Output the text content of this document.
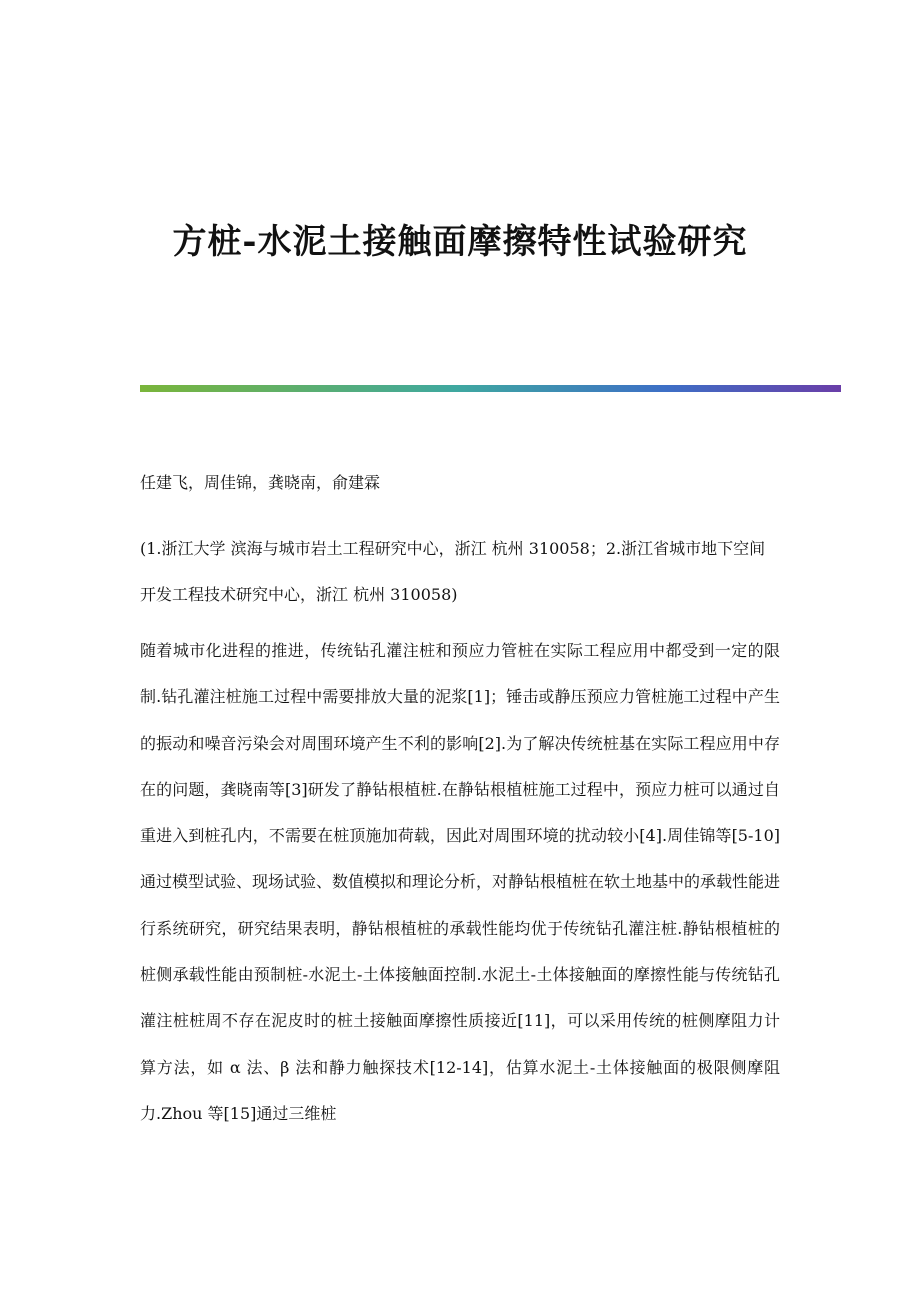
方桩-水泥土接触面摩擦特性试验研究

任建飞，周佳锦，龚晓南，俞建霖

(1.浙江大学 滨海与城市岩土工程研究中心，浙江 杭州 310058；2.浙江省城市地下空间开发工程技术研究中心，浙江 杭州 310058)

随着城市化进程的推进，传统钻孔灌注桩和预应力管桩在实际工程应用中都受到一定的限制.钻孔灌注桩施工过程中需要排放大量的泥浆[1]；锤击或静压预应力管桩施工过程中产生的振动和噪音污染会对周围环境产生不利的影响[2].为了解决传统桩基在实际工程应用中存在的问题，龚晓南等[3]研发了静钻根植桩.在静钻根植桩施工过程中，预应力桩可以通过自重进入到桩孔内，不需要在桩顶施加荷载，因此对周围环境的扰动较小[4].周佳锦等[5-10]通过模型试验、现场试验、数值模拟和理论分析，对静钻根植桩在软土地基中的承载性能进行系统研究，研究结果表明，静钻根植桩的承载性能均优于传统钻孔灌注桩.静钻根植桩的桩侧承载性能由预制桩-水泥土-土体接触面控制.水泥土-土体接触面的摩擦性能与传统钻孔灌注桩桩周不存在泥皮时的桩土接触面摩擦性质接近[11]，可以采用传统的桩侧摩阻力计算方法，如 α 法、β 法和静力触探技术[12-14]，估算水泥土-土体接触面的极限侧摩阻力.Zhou 等[15]通过三维桩
